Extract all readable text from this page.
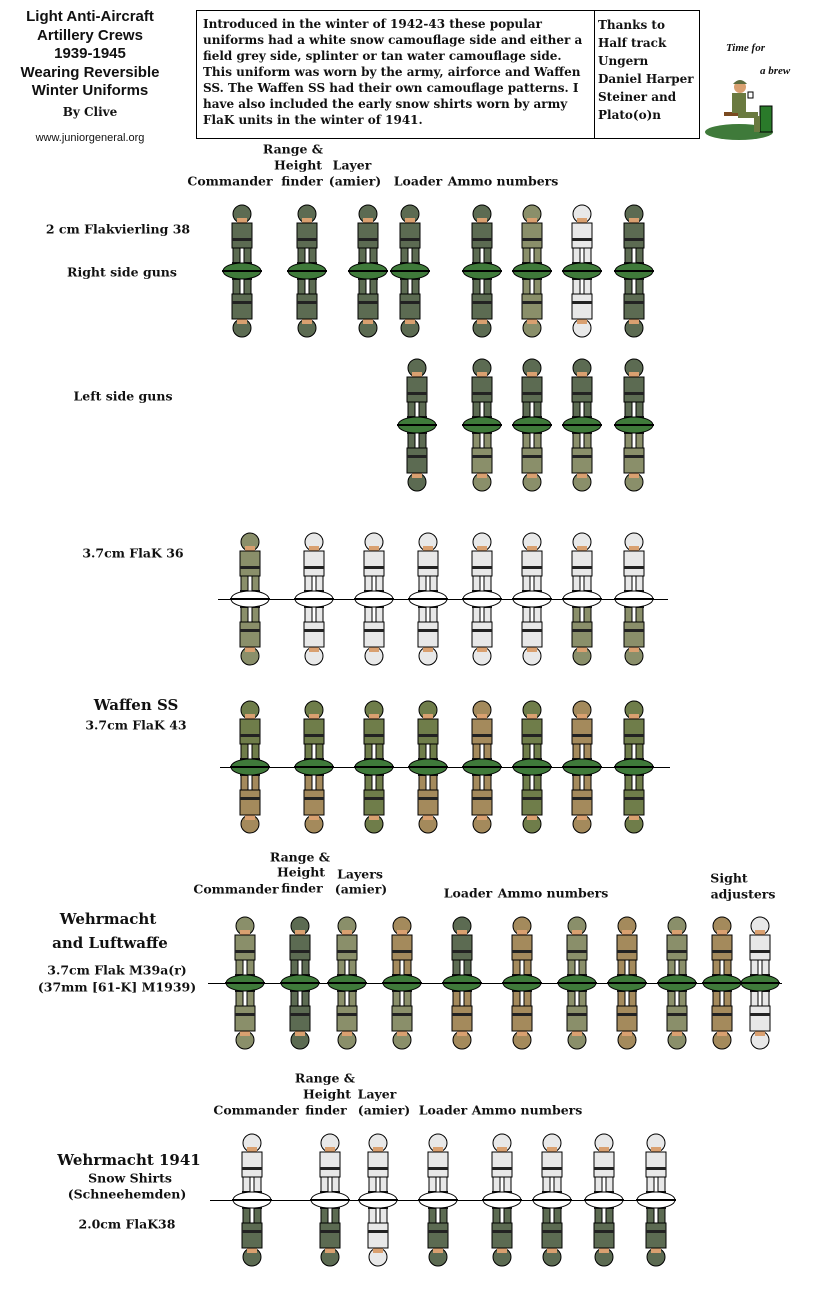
Light Anti-Aircraft
Artillery Crews
1939-1945
Wearing Reversible
Winter Uniforms
By Clive
www.juniorgeneral.org
Introduced in the winter of 1942-43 these popular uniforms had a white snow camouflage side and either a field grey side, splinter or tan water camouflage side. This uniform was worn by the army, airforce and Waffen SS. The Waffen SS had their own camouflage patterns. I have also included the early snow shirts worn by army FlaK units in the winter of 1941.
Thanks to
Half track
Ungern
Daniel Harper
Steiner and
Plato(o)n
Time for
a brew
Range &
Height Layer
Commander finder (amier) Loader Ammo numbers
2 cm Flakvierling 38
Right side guns
Left side guns
3.7cm FlaK 36
Waffen SS
3.7cm FlaK 43
Range &
Height Layers
Commander finder (amier)	Loader Ammo numbers
Sight
adjusters
Wehrmacht
and Luftwaffe
3.7cm Flak M39a(r)
(37mm [61-K] M1939)
Range &
Height Layer
Commander finder (amier) Loader Ammo numbers
Wehrmacht 1941
Snow Shirts
(Schneehemden)
2.0cm FlaK38
